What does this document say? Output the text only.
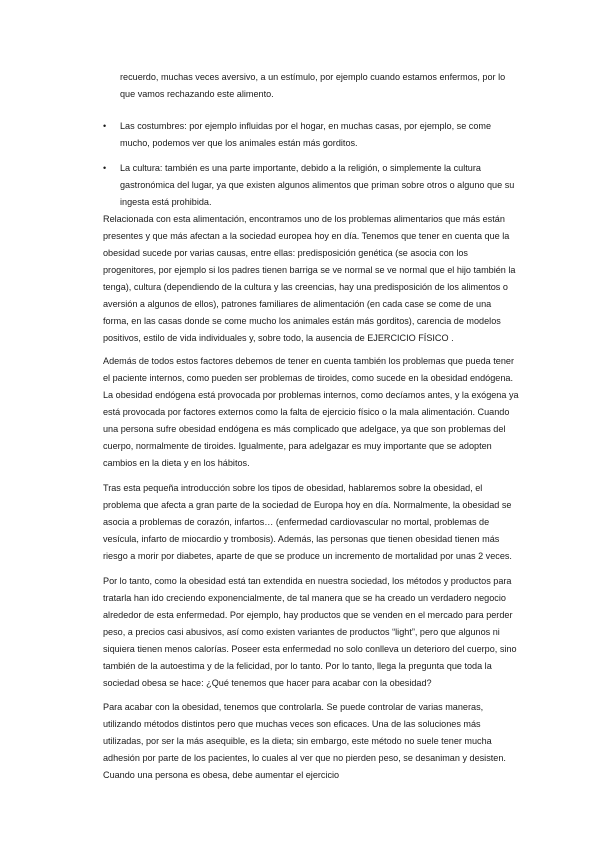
recuerdo, muchas veces aversivo, a un estímulo, por ejemplo cuando estamos enfermos, por lo que vamos rechazando este alimento.

• Las costumbres: por ejemplo influidas por el hogar, en muchas casas, por ejemplo, se come mucho, podemos ver que los animales están más gorditos.

• La cultura: también es una parte importante, debido a la religión, o simplemente la cultura gastronómica del lugar, ya que existen algunos alimentos que priman sobre otros o alguno que su ingesta está prohibida.

Relacionada con esta alimentación, encontramos uno de los problemas alimentarios que más están presentes y que más afectan a la sociedad europea hoy en día. Tenemos que tener en cuenta que la obesidad sucede por varias causas, entre ellas: predisposición genética (se asocia con los progenitores, por ejemplo si los padres tienen barriga se ve normal se ve normal que el hijo también la tenga), cultura (dependiendo de la cultura y las creencias, hay una predisposición de los alimentos o aversión a algunos de ellos), patrones familiares de alimentación (en cada case se come de una forma, en las casas donde se come mucho los animales están más gorditos), carencia de modelos positivos, estilo de vida individuales y, sobre todo, la ausencia de EJERCICIO FÍSICO .

Además de todos estos factores debemos de tener en cuenta también los problemas que pueda tener el paciente internos, como pueden ser problemas de tiroides, como sucede en la obesidad endógena. La obesidad endógena está provocada por problemas internos, como decíamos antes, y la exógena ya está provocada por factores externos como la falta de ejercicio físico o la mala alimentación. Cuando una persona sufre obesidad endógena es más complicado que adelgace, ya que son problemas del cuerpo, normalmente de tiroides. Igualmente, para adelgazar es muy importante que se adopten cambios en la dieta y en los hábitos.

Tras esta pequeña introducción sobre los tipos de obesidad, hablaremos sobre la obesidad, el problema que afecta a gran parte de la sociedad de Europa hoy en día. Normalmente, la obesidad se asocia a problemas de corazón, infartos… (enfermedad cardiovascular no mortal, problemas de vesícula, infarto de miocardio y trombosis). Además, las personas que tienen obesidad tienen más riesgo a morir por diabetes, aparte de que se produce un incremento de mortalidad por unas 2 veces.

Por lo tanto, como la obesidad está tan extendida en nuestra sociedad, los métodos y productos para tratarla han ido creciendo exponencialmente, de tal manera que se ha creado un verdadero negocio alrededor de esta enfermedad. Por ejemplo, hay productos que se venden en el mercado para perder peso, a precios casi abusivos, así como existen variantes de productos “light”, pero que algunos ni siquiera tienen menos calorías. Poseer esta enfermedad no solo conlleva un deterioro del cuerpo, sino también de la autoestima y de la felicidad, por lo tanto. Por lo tanto, llega la pregunta que toda la sociedad obesa se hace: ¿Qué tenemos que hacer para acabar con la obesidad?

Para acabar con la obesidad, tenemos que controlarla. Se puede controlar de varias maneras, utilizando métodos distintos pero que muchas veces son eficaces. Una de las soluciones más utilizadas, por ser la más asequible, es la dieta; sin embargo, este método no suele tener mucha adhesión por parte de los pacientes, lo cuales al ver que no pierden peso, se desaniman y desisten. Cuando una persona es obesa, debe aumentar el ejercicio
